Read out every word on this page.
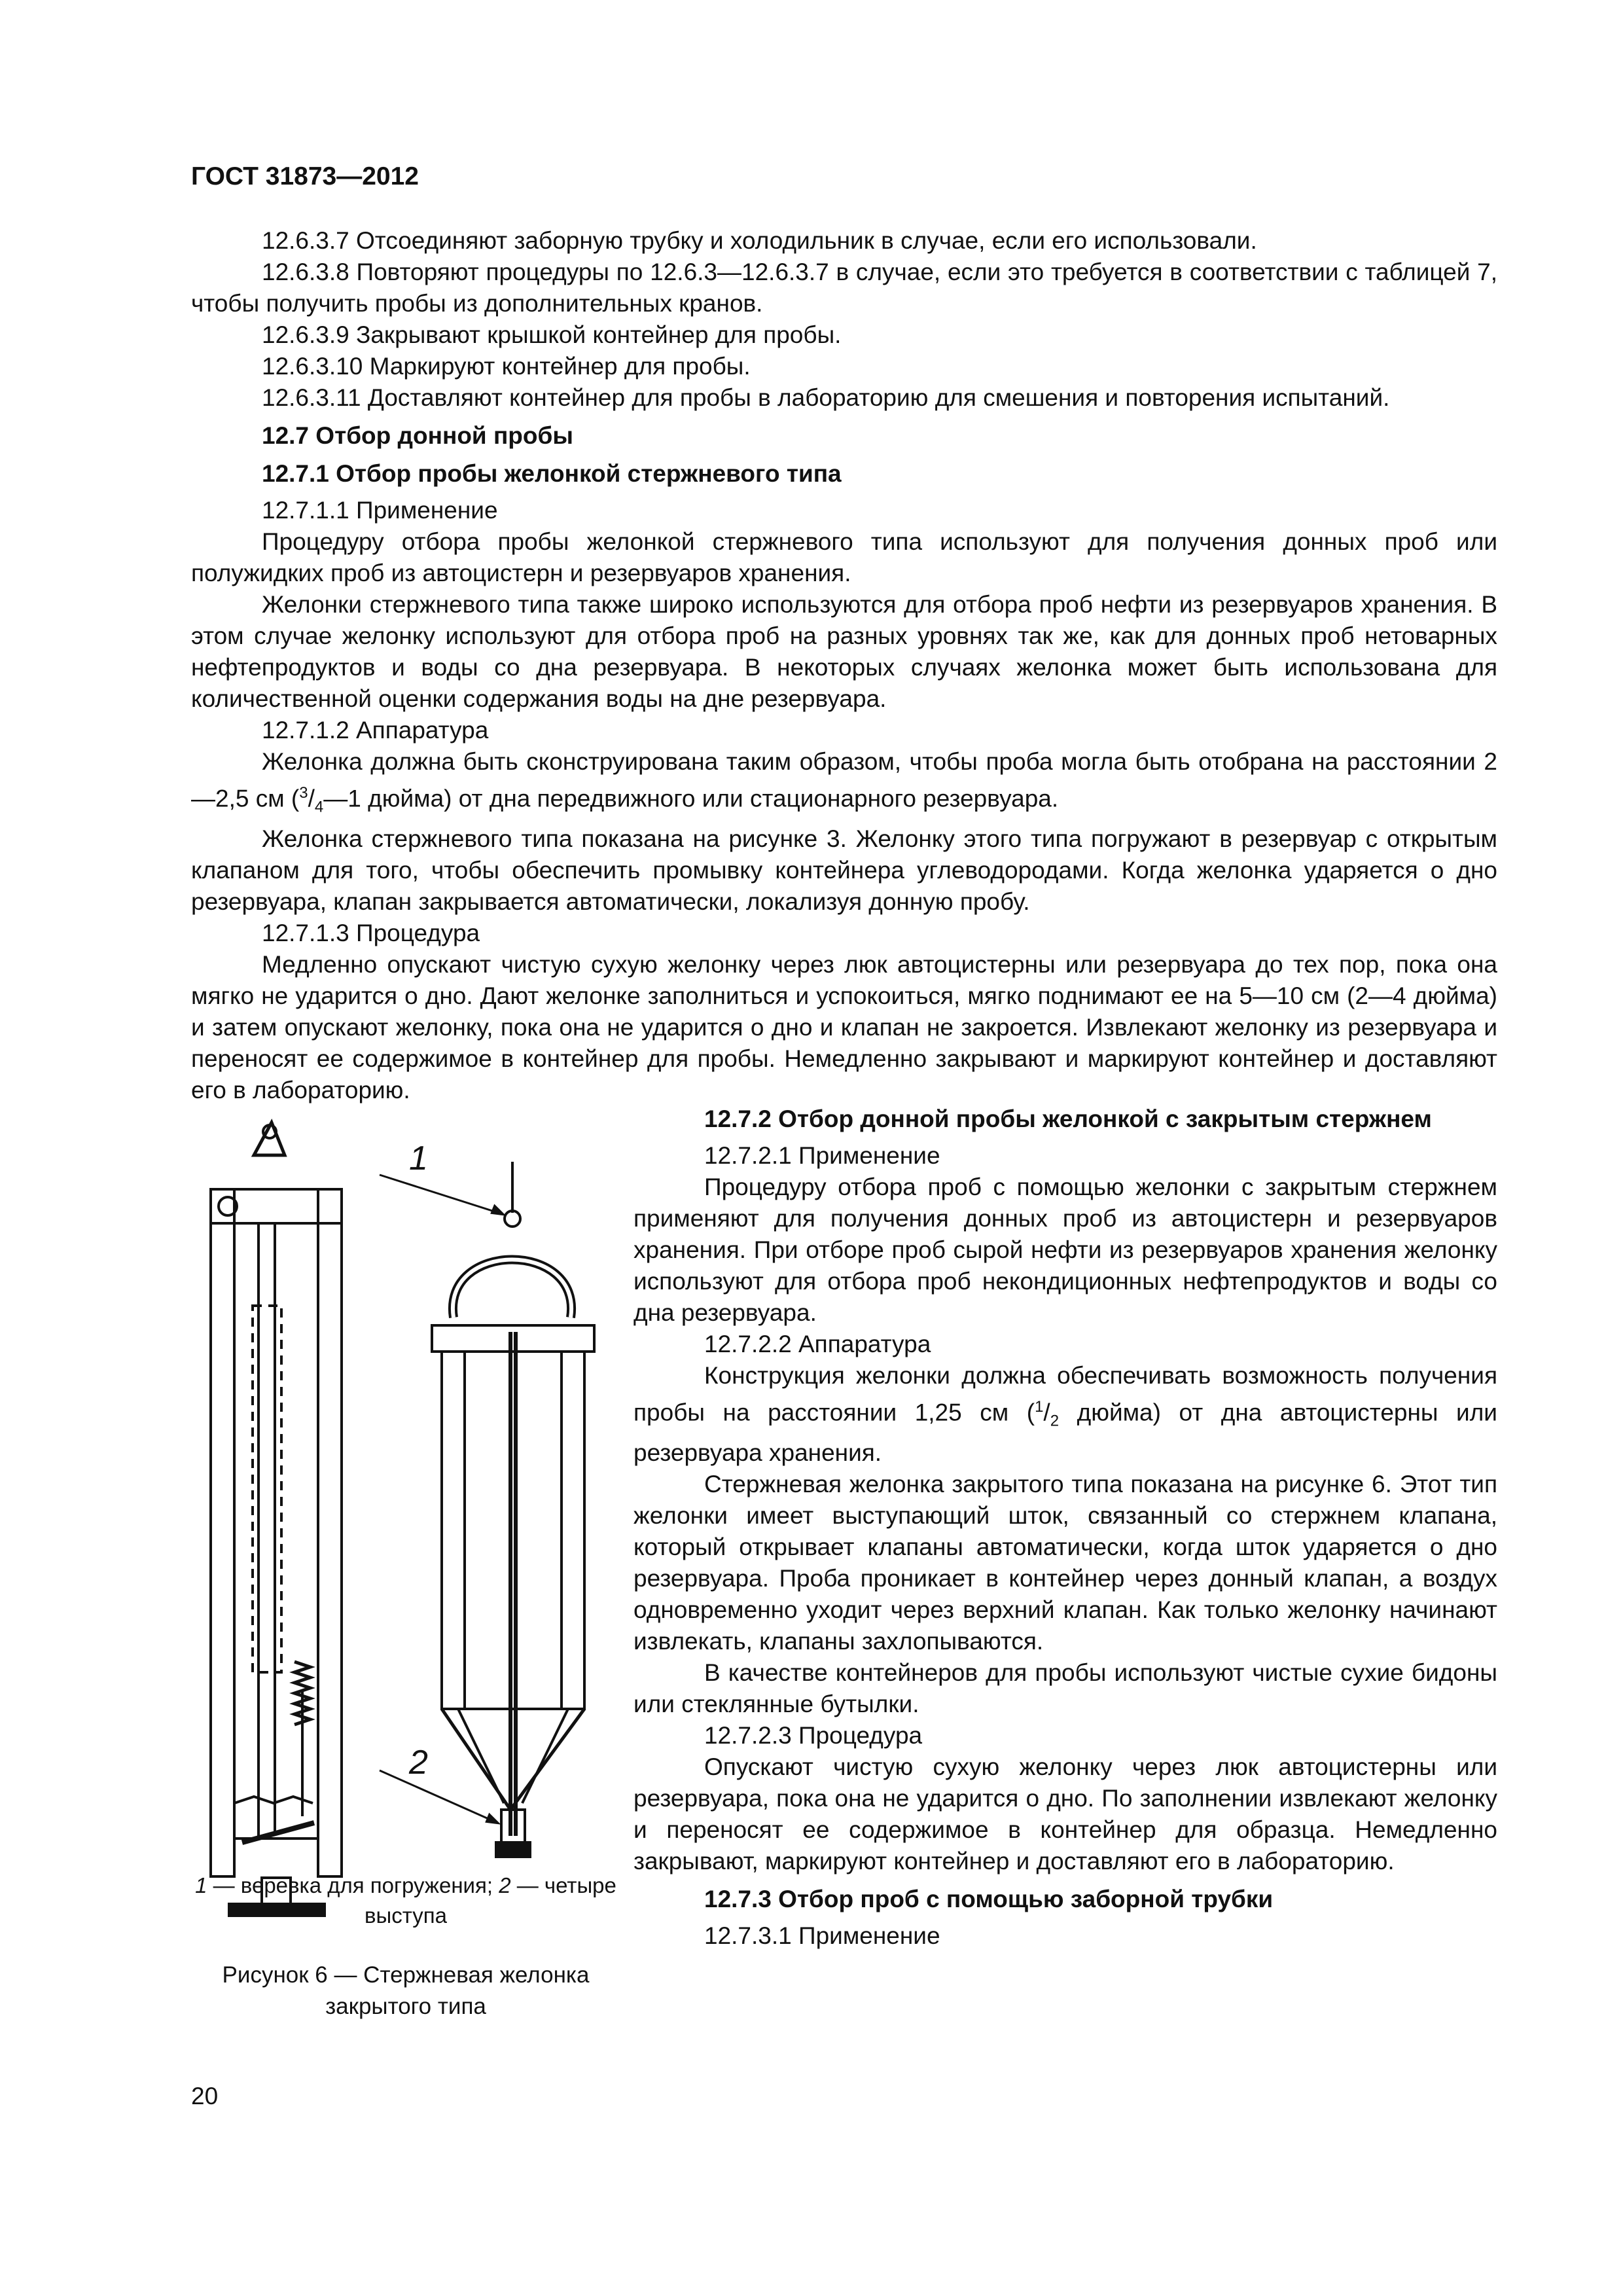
ГОСТ 31873—2012

12.6.3.7 Отсоединяют заборную трубку и холодильник в случае, если его использовали.

12.6.3.8 Повторяют процедуры по 12.6.3—12.6.3.7 в случае, если это требуется в соответствии с таблицей 7, чтобы получить пробы из дополнительных кранов.

12.6.3.9 Закрывают крышкой контейнер для пробы.

12.6.3.10 Маркируют контейнер для пробы.

12.6.3.11 Доставляют контейнер для пробы в лабораторию для смешения и повторения испытаний.

12.7 Отбор донной пробы

12.7.1 Отбор пробы желонкой стержневого типа

12.7.1.1 Применение

Процедуру отбора пробы желонкой стержневого типа используют для получения донных проб или полужидких проб из автоцистерн и резервуаров хранения.

Желонки стержневого типа также широко используются для отбора проб нефти из резервуаров хранения. В этом случае желонку используют для отбора проб на разных уровнях так же, как для донных проб нетоварных нефтепродуктов и воды со дна резервуара. В некоторых случаях желонка может быть использована для количественной оценки содержания воды на дне резервуара.

12.7.1.2 Аппаратура

Желонка должна быть сконструирована таким образом, чтобы проба могла быть отобрана на расстоянии 2—2,5 см ($^3/_4—1$ дюйма) от дна передвижного или стационарного резервуара.

Желонка стержневого типа показана на рисунке 3. Желонку этого типа погружают в резервуар с открытым клапаном для того, чтобы обеспечить промывку контейнера углеводородами. Когда желонка ударяется о дно резервуара, клапан закрывается автоматически, локализуя донную пробу.

12.7.1.3 Процедура

Медленно опускают чистую сухую желонку через люк автоцистерны или резервуара до тех пор, пока она мягко не ударится о дно. Дают желонке заполниться и успокоиться, мягко поднимают ее на 5—10 см (2—4 дюйма) и затем опускают желонку, пока она не ударится о дно и клапан не закроется. Извлекают желонку из резервуара и переносят ее содержимое в контейнер для пробы. Немедленно закрывают и маркируют контейнер и доставляют его в лабораторию.

1
2
1 — веревка для погружения; 2 — четыре выступа
Рисунок 6 — Стержневая желонка закрытого типа

12.7.2 Отбор донной пробы желонкой с закрытым стержнем

12.7.2.1 Применение

Процедуру отбора проб с помощью желонки с закрытым стержнем применяют для получения донных проб из автоцистерн и резервуаров хранения. При отборе проб сырой нефти из резервуаров хранения желонку используют для отбора проб некондиционных нефтепродуктов и воды со дна резервуара.

12.7.2.2 Аппаратура

Конструкция желонки должна обеспечивать возможность получения пробы на расстоянии 1,25 см ($^1/_2$ дюйма) от дна автоцистерны или резервуара хранения.

Стержневая желонка закрытого типа показана на рисунке 6. Этот тип желонки имеет выступающий шток, связанный со стержнем клапана, который открывает клапаны автоматически, когда шток ударяется о дно резервуара. Проба проникает в контейнер через донный клапан, а воздух одновременно уходит через верхний клапан. Как только желонку начинают извлекать, клапаны захлопываются.

В качестве контейнеров для пробы используют чистые сухие бидоны или стеклянные бутылки.

12.7.2.3 Процедура

Опускают чистую сухую желонку через люк автоцистерны или резервуара, пока она не ударится о дно. По заполнении извлекают желонку и переносят ее содержимое в контейнер для образца. Немедленно закрывают, маркируют контейнер и доставляют его в лабораторию.

12.7.3 Отбор проб с помощью заборной трубки

12.7.3.1 Применение

20
